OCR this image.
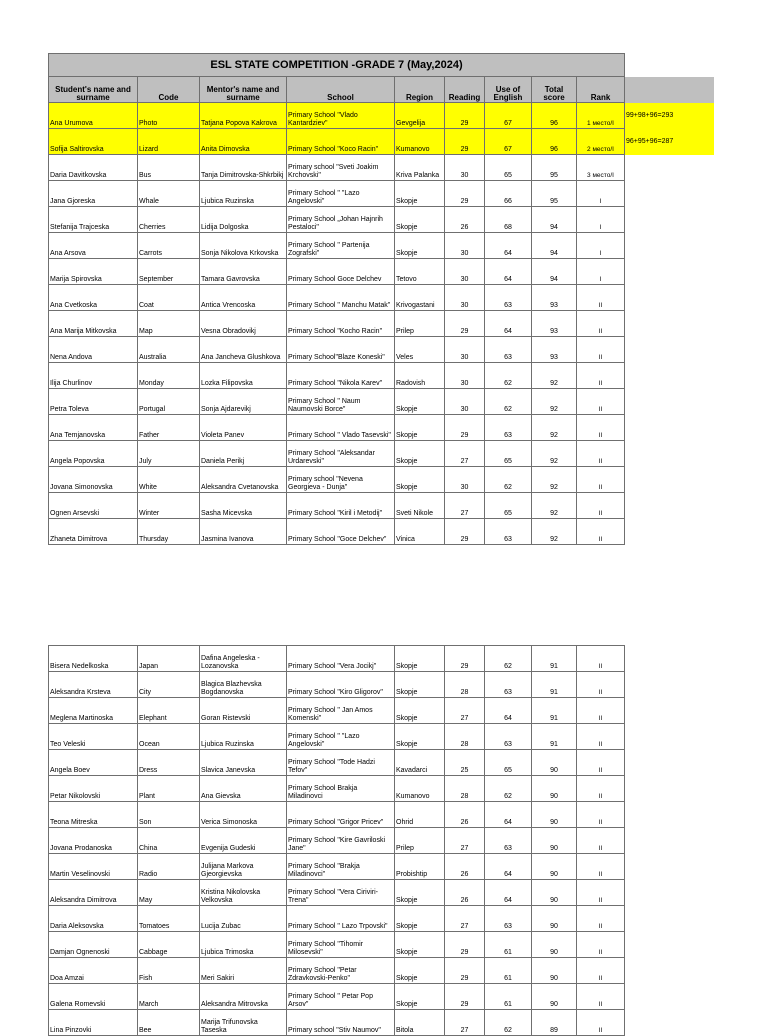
ESL STATE COMPETITION -GRADE 7 (May,2024)									
Student's name and surname	Code	Mentor's name and surname	School	Region	Reading	Use of English	Total score	Rank	
Ana Urumova	Photo	Tatjana Popova Kakrova	Primary School "Vlado Kantardziev"	Gevgelija	29	67	96	1 место/I	99+98+96=293
Sofija Saltirovska	Lizard	Anita Dimovska	Primary School "Koco Racin"	Kumanovo	29	67	96	2 место/I	96+95+96=287
Daria Davitkovska	Bus	Tanja Dimitrovska-Shkrbikj	Primary school "Sveti Joakim Krchovski"	Kriva Palanka	30	65	95	3 место/I	
Jana Gjoreska	Whale	Ljubica Ruzinska	Primary School " "Lazo Angelovski"	Skopje	29	66	95	I	
Stefanija Trajceska	Cherries	Lidija Dolgoska	Primary School „Johan Hajnrih Pestaloci"	Skopje	26	68	94	I	
Ana Arsova	Carrots	Sonja Nikolova Krkovska	Primary School " Partenija Zografski"	Skopje	30	64	94	I	
Marija Spirovska	September	Tamara Gavrovska	Primary School Goce Delchev	Tetovo	30	64	94	I	
Ana Cvetkoska	Coat	Antica Vrencoska	Primary School " Manchu Matak"	Krivogastani	30	63	93	II	
Ana Marija Mitkovska	Map	Vesna Obradovikj	Primary School "Kocho Racin"	Prilep	29	64	93	II	
Nena Andova	Australia	Ana Jancheva Glushkova	Primary School"Blaze Koneski"	Veles	30	63	93	II	
Ilija Churlinov	Monday	Lozka Filipovska	Primary School "Nikola Karev"	Radovish	30	62	92	II	
Petra Toleva	Portugal	Sonja Ajdarevikj	Primary School " Naum Naumovski Borce"	Skopje	30	62	92	II	
Ana Temjanovska	Father	Violeta Panev	Primary School " Vlado Tasevski"	Skopje	29	63	92	II	
Angela Popovska	July	Daniela Perikj	Primary School "Aleksandar Urdarevski"	Skopje	27	65	92	II	
Jovana Simonovska	White	Aleksandra Cvetanovska	Primary school "Nevena Georgieva - Dunja"	Skopje	30	62	92	II	
Ognen Arsevski	Winter	Sasha Micevska	Primary School "Kiril i Metodij"	Sveti Nikole	27	65	92	II	
Zhaneta Dimitrova	Thursday	Jasmina Ivanova	Primary School "Goce Delchev"	Vinica	29	63	92	II	
Bisera Nedelkoska	Japan	Dafina Angeleska - Lozanovska	Primary School "Vera Jocikj"	Skopje	29	62	91	II
Aleksandra Krsteva	City	Blagica Blazhevska Bogdanovska	Primary School "Kiro Gligorov"	Skopje	28	63	91	II
Meglena Martinoska	Elephant	Goran Ristevski	Primary School " Jan Amos Komenski"	Skopje	27	64	91	II
Teo Veleski	Ocean	Ljubica Ruzinska	Primary School " "Lazo Angelovski"	Skopje	28	63	91	II
Angela Boev	Dress	Slavica Janevska	Primary School "Tode Hadzi Tefov"	Kavadarci	25	65	90	II
Petar Nikolovski	Plant	Ana Gievska	Primary School Brakja Miladinovci	Kumanovo	28	62	90	II
Teona Mitreska	Son	Verica Simonoska	Primary School "Grigor Pricev"	Ohrid	26	64	90	II
Jovana Prodanoska	China	Evgenija Gudeski	Primary School "Kire Gavriloski Jane"	Prilep	27	63	90	II
Martin Veselinovski	Radio	Julijana Markova Gjeorgievska	Primary School "Brakja Miladinovci"	Probishtip	26	64	90	II
Aleksandra Dimitrova	May	Kristina Nikolovska Velkovska	Primary School "Vera Ciriviri-Trena"	Skopje	26	64	90	II
Daria Aleksovska	Tomatoes	Lucija Zubac	Primary School " Lazo Trpovski"	Skopje	27	63	90	II
Damjan Ognenoski	Cabbage	Ljubica Trimoska	Primary School "Tihomir Milosevski"	Skopje	29	61	90	II
Doa Amzai	Fish	Meri Sakiri	Primary School "Petar Zdravkovski-Penko"	Skopje	29	61	90	II
Galena Romevski	March	Aleksandra Mitrovska	Primary School " Petar Pop Arsov"	Skopje	29	61	90	II
Lina Pinzovki	Bee	Marija Trifunovska Taseska	Primary school "Stiv Naumov"	Bitola	27	62	89	II
